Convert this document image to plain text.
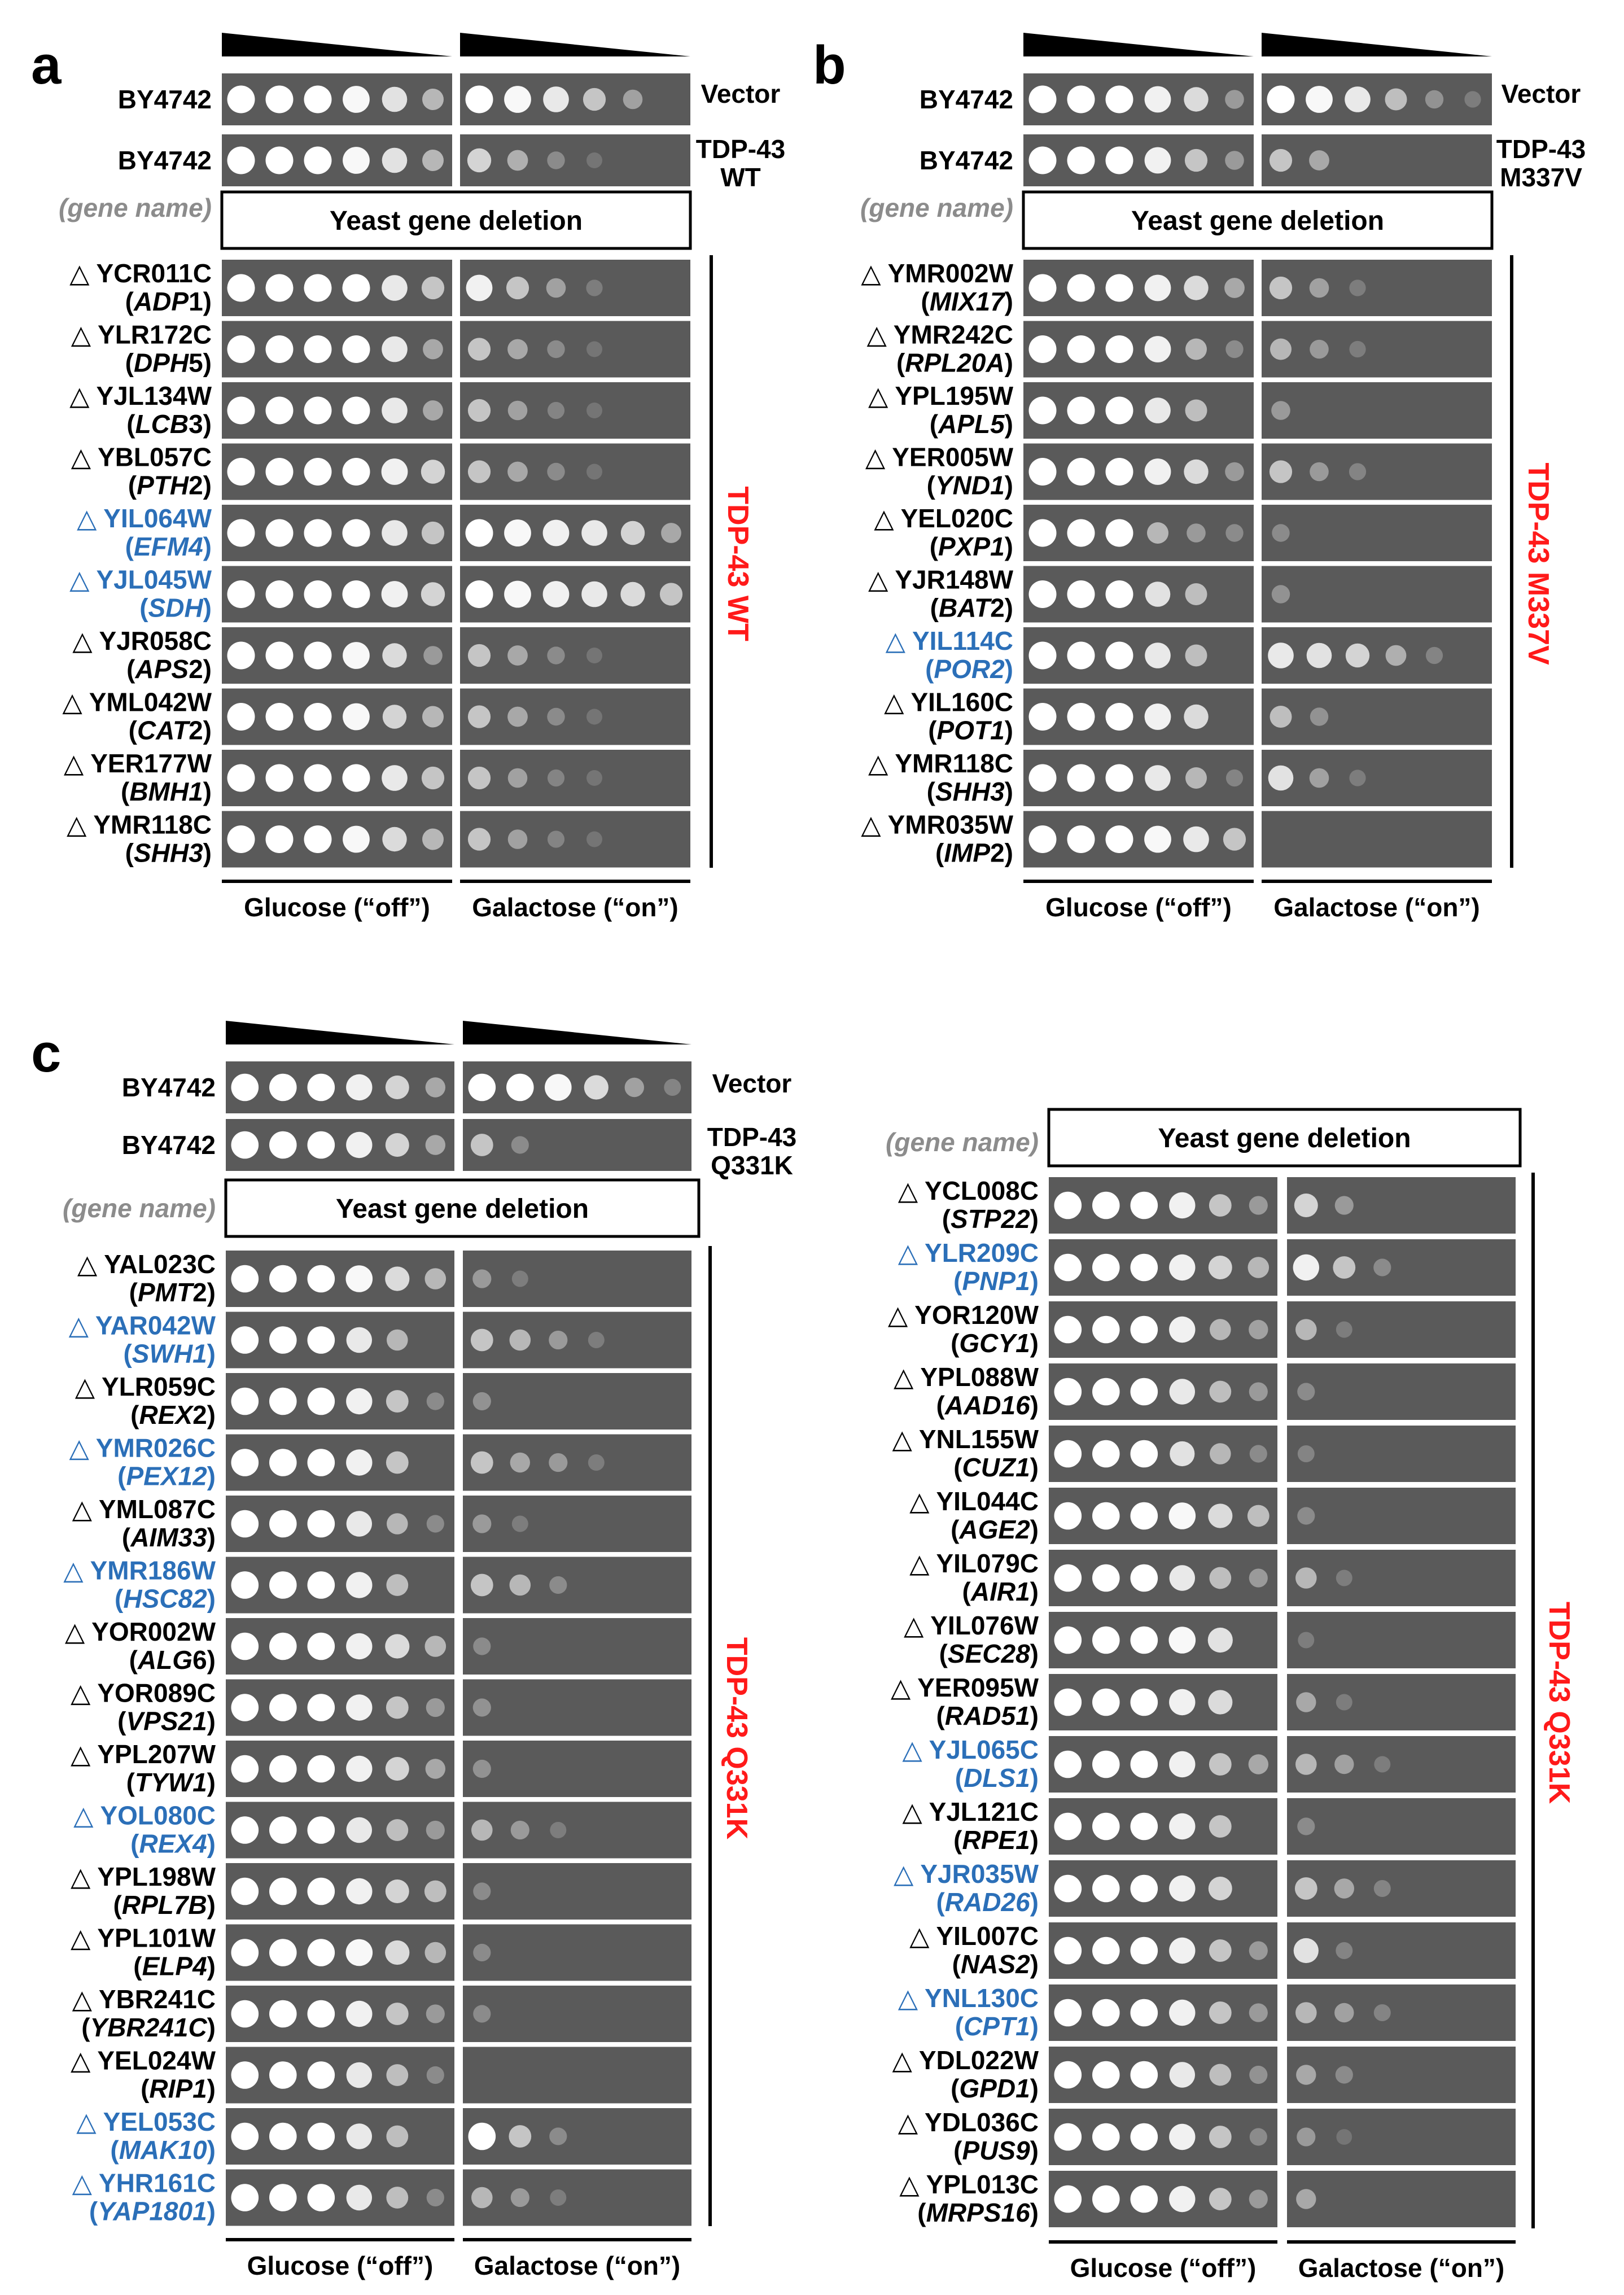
a
BY4742	Vector
BY4742	TDP-43
WT
(gene name)	Yeast gene deletion
△ YCR011C
(ADP1)
△ YLR172C
(DPH5)
△ YJL134W
(LCB3)
△ YBL057C
(PTH2)
△ YIL064W
(EFM4)
△ YJL045W
(SDH)
△ YJR058C
(APS2)
△ YML042W
(CAT2)
△ YER177W
(BMH1)
△ YMR118C
(SHH3)
TDP-43 WT
Glucose (“off”) Galactose (“on”)
b
BY4742	Vector
BY4742	TDP-43
M337V
(gene name)	Yeast gene deletion
△ YMR002W
(MIX17)
△ YMR242C
(RPL20A)
△ YPL195W
(APL5)
△ YER005W
(YND1)
△ YEL020C
(PXP1)
△ YJR148W
(BAT2)
△ YIL114C
(POR2)
△ YIL160C
(POT1)
△ YMR118C
(SHH3)
△ YMR035W
(IMP2)
TDP-43 M337V
Glucose (“off”) Galactose (“on”)
c
BY4742	Vector
BY4742	TDP-43
Q331K
(gene name)	Yeast gene deletion
△ YAL023C
(PMT2)
△ YAR042W
(SWH1)
△ YLR059C
(REX2)
△ YMR026C
(PEX12)
△ YML087C
(AIM33)
△ YMR186W
(HSC82)
△ YOR002W
(ALG6)
△ YOR089C
(VPS21)
△ YPL207W
(TYW1)
△ YOL080C
(REX4)
△ YPL198W
(RPL7B)
△ YPL101W
(ELP4)
△ YBR241C
(YBR241C)
△ YEL024W
(RIP1)
△ YEL053C
(MAK10)
△ YHR161C
(YAP1801)
TDP-43 Q331K
Glucose (“off”) Galactose (“on”)
(gene name)	Yeast gene deletion
△ YCL008C
(STP22)
△ YLR209C
(PNP1)
△ YOR120W
(GCY1)
△ YPL088W
(AAD16)
△ YNL155W
(CUZ1)
△ YIL044C
(AGE2)
△ YIL079C
(AIR1)
△ YIL076W
(SEC28)
△ YER095W
(RAD51)
△ YJL065C
(DLS1)
△ YJL121C
(RPE1)
△ YJR035W
(RAD26)
△ YIL007C
(NAS2)
△ YNL130C
(CPT1)
△ YDL022W
(GPD1)
△ YDL036C
(PUS9)
△ YPL013C
(MRPS16)
TDP-43 Q331K
Glucose (“off”) Galactose (“on”)
